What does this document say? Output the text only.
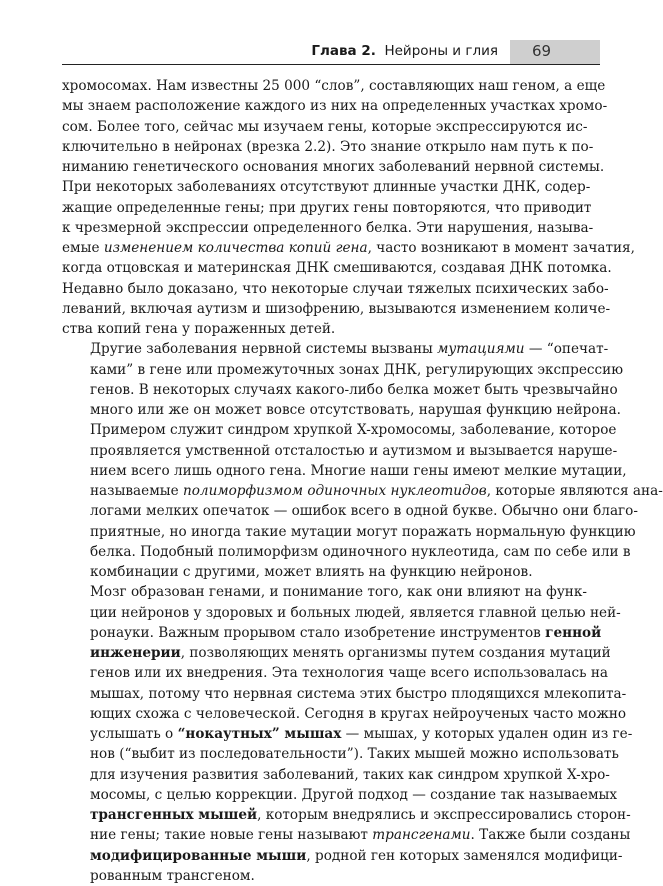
Глава 2. Нейроны и глия 69

хромосомах. Нам известны 25 000 “слов”, составляющих наш геном, а еще
мы знаем расположение каждого из них на определенных участках хромо-
сом. Более того, сейчас мы изучаем гены, которые экспрессируются ис-
ключительно в нейронах (врезка 2.2). Это знание открыло нам путь к по-
ниманию генетического основания многих заболеваний нервной системы.
При некоторых заболеваниях отсутствуют длинные участки ДНК, содер-
жащие определенные гены; при других гены повторяются, что приводит
к чрезмерной экспрессии определенного белка. Эти нарушения, называ-
емые изменением количества копий гена, часто возникают в момент зачатия,
когда отцовская и материнская ДНК смешиваются, создавая ДНК потомка.
Недавно было доказано, что некоторые случаи тяжелых психических забо-
леваний, включая аутизм и шизофрению, вызываются изменением количе-
ства копий гена у пораженных детей.

Другие заболевания нервной системы вызваны мутациями — “опечат-
ками” в гене или промежуточных зонах ДНК, регулирующих экспрессию
генов. В некоторых случаях какого-либо белка может быть чрезвычайно
много или же он может вовсе отсутствовать, нарушая функцию нейрона.
Примером служит синдром хрупкой X-хромосомы, заболевание, которое
проявляется умственной отсталостью и аутизмом и вызывается наруше-
нием всего лишь одного гена. Многие наши гены имеют мелкие мутации,
называемые полиморфизмом одиночных нуклеотидов, которые являются ана-
логами мелких опечаток — ошибок всего в одной букве. Обычно они благо-
приятные, но иногда такие мутации могут поражать нормальную функцию
белка. Подобный полиморфизм одиночного нуклеотида, сам по себе или в
комбинации с другими, может влиять на функцию нейронов.

Мозг образован генами, и понимание того, как они влияют на функ-
ции нейронов у здоровых и больных людей, является главной целью ней-
ронауки. Важным прорывом стало изобретение инструментов генной
инженерии, позволяющих менять организмы путем создания мутаций
генов или их внедрения. Эта технология чаще всего использовалась на
мышах, потому что нервная система этих быстро плодящихся млекопита-
ющих схожа с человеческой. Сегодня в кругах нейроученых часто можно
услышать о “нокаутных” мышах — мышах, у которых удален один из ге-
нов (“выбит из последовательности”). Таких мышей можно использовать
для изучения развития заболеваний, таких как синдром хрупкой X-хро-
мосомы, с целью коррекции. Другой подход — создание так называемых
трансгенных мышей, которым внедрялись и экспрессировались сторон-
ние гены; такие новые гены называют трансгенами. Также были созданы
модифицированные мыши, родной ген которых заменялся модифици-
рованным трансгеном.
